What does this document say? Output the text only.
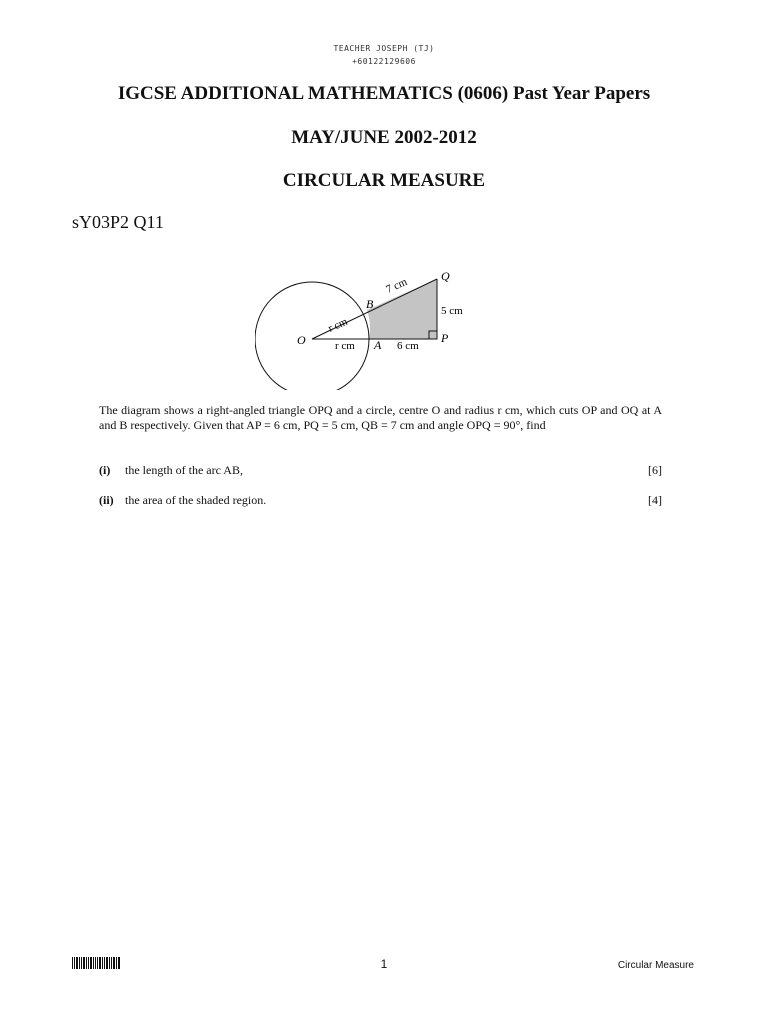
TEACHER JOSEPH (TJ)
+60122129606
IGCSE ADDITIONAL MATHEMATICS (0606) Past Year Papers
MAY/JUNE 2002-2012
CIRCULAR MEASURE
sY03P2 Q11
O	A
B
P
Q
7 cm
5 cm
6 cm
r cm
r cm
The diagram shows a right-angled triangle OPQ and a circle, centre O and radius r cm, which cuts OP and OQ at A and B respectively. Given that AP = 6 cm, PQ = 5 cm, QB = 7 cm and angle OPQ = 90°, find
(i) the length of the arc AB,	[6]
(ii) the area of the shaded region.	[4]
1	Circular Measure
